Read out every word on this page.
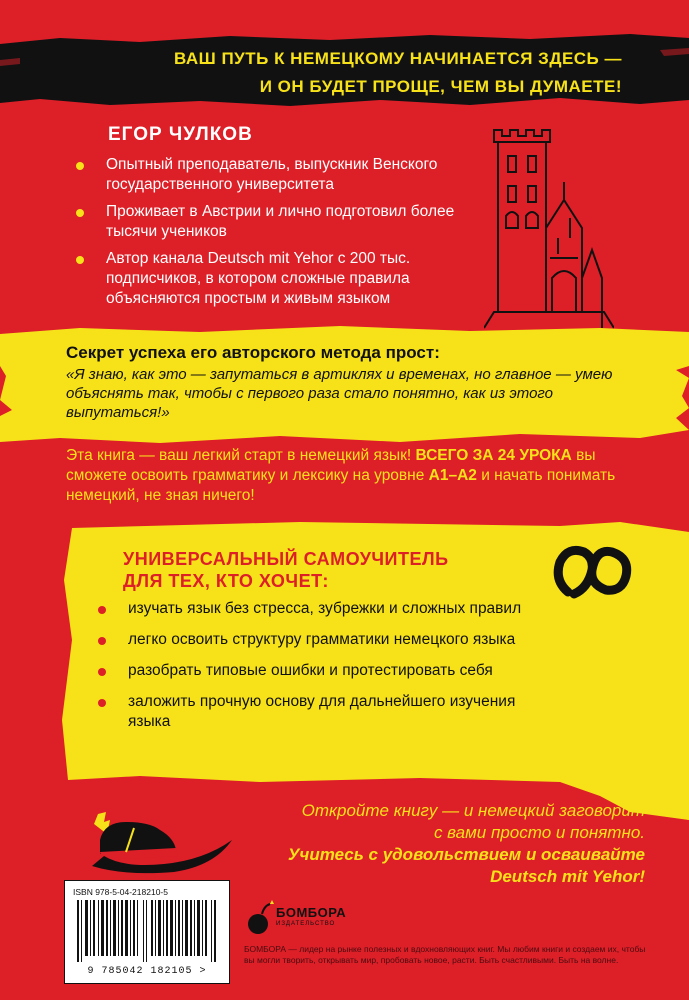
ВАШ ПУТЬ К НЕМЕЦКОМУ НАЧИНАЕТСЯ ЗДЕСЬ —
И ОН БУДЕТ ПРОЩЕ, ЧЕМ ВЫ ДУМАЕТЕ!
ЕГОР ЧУЛКОВ
Опытный преподаватель, выпускник Венского государственного университета
Проживает в Австрии и лично подготовил более тысячи учеников
Автор канала Deutsch mit Yehor с 200 тыс. подписчиков, в котором сложные правила объясняются простым и живым языком
Секрет успеха его авторского метода прост:
«Я знаю, как это — запутаться в артиклях и временах, но главное — умею объяснять так, чтобы с первого раза стало понятно, как из этого выпутаться!»
Эта книга — ваш легкий старт в немецкий язык! ВСЕГО ЗА 24 УРОКА вы сможете освоить грамматику и лексику на уровне А1–А2 и начать понимать немецкий, не зная ничего!
УНИВЕРСАЛЬНЫЙ САМОУЧИТЕЛЬ
ДЛЯ ТЕХ, КТО ХОЧЕТ:
изучать язык без стресса, зубрежки и сложных правил
легко освоить структуру грамматики немецкого языка
разобрать типовые ошибки и протестировать себя
заложить прочную основу для дальнейшего изучения языка
Откройте книгу — и немецкий заговорит
с вами просто и понятно.
Учитесь с удовольствием и осваивайте
Deutsch mit Yehor!
ISBN 978-5-04-218210-5
9 785042 182105 >
БОМБОРА
ИЗДАТЕЛЬСТВО
БОМБОРА — лидер на рынке полезных и вдохновляющих книг. Мы любим книги и создаем их, чтобы вы могли творить, открывать мир, пробовать новое, расти. Быть счастливыми. Быть на волне.
